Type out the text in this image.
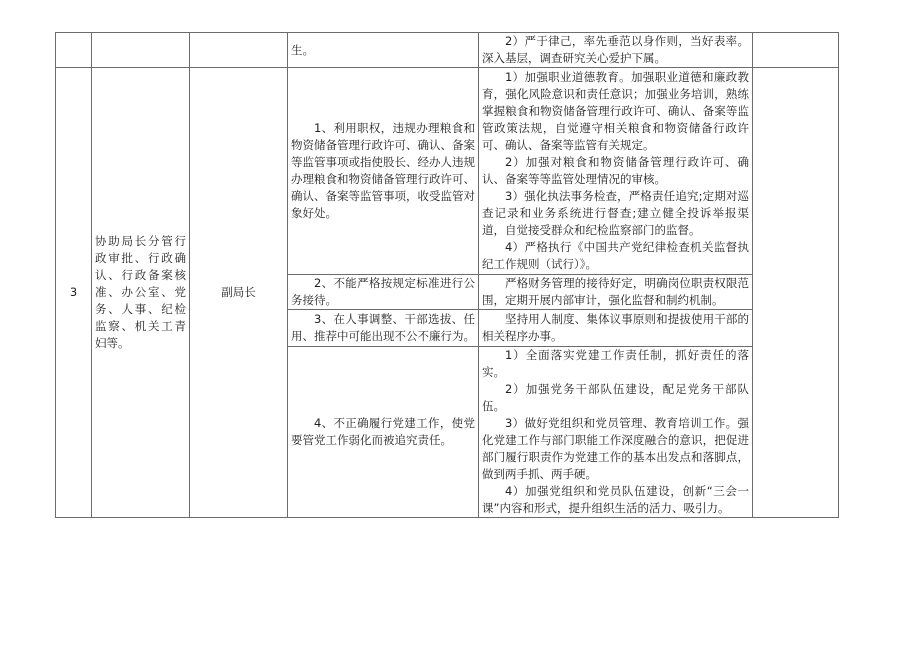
			生。	2）严于律己，率先垂范以身作则，当好表率。深入基层，调查研究关心爱护下属。	

3	协助局长分管行政审批、行政确认、行政备案核准、办公室、党务、人事、纪检监察、机关工青妇等。	副局长	1、利用职权，违规办理粮食和物资储备管理行政许可、确认、备案等监管事项或指使股长、经办人违规办理粮食和物资储备管理行政许可、确认、备案等监管事项，收受监管对象好处。	1）加强职业道德教育。加强职业道德和廉政教育，强化风险意识和责任意识；加强业务培训，熟练掌握粮食和物资储备管理行政许可、确认、备案等监管政策法规，自觉遵守相关粮食和物资储备行政许可、确认、备案等监管有关规定。

2）加强对粮食和物资储备管理行政许可、确认、备案等等监管处理情况的审核。

3）强化执法事务检查，严格责任追究;定期对巡查记录和业务系统进行督查;建立健全投诉举报渠道，自觉接受群众和纪检监察部门的监督。

4）严格执行《中国共产党纪律检查机关监督执纪工作规则（试行）》。	

			2、不能严格按规定标准进行公务接待。	严格财务管理的接待好定，明确岗位职责权限范围，定期开展内部审计，强化监督和制约机制。	

			3、在人事调整、干部选拔、任用、推荐中可能出现不公不廉行为。	坚持用人制度、集体议事原则和提拔使用干部的相关程序办事。	

			4、不正确履行党建工作，使党要管党工作弱化而被追究责任。	1）全面落实党建工作责任制，抓好责任的落实。

2）加强党务干部队伍建设，配足党务干部队伍。

3）做好党组织和党员管理、教育培训工作。强化党建工作与部门职能工作深度融合的意识，把促进部门履行职责作为党建工作的基本出发点和落脚点，做到两手抓、两手硬。

4）加强党组织和党员队伍建设，创新“三会一课”内容和形式，提升组织生活的活力、吸引力。	
